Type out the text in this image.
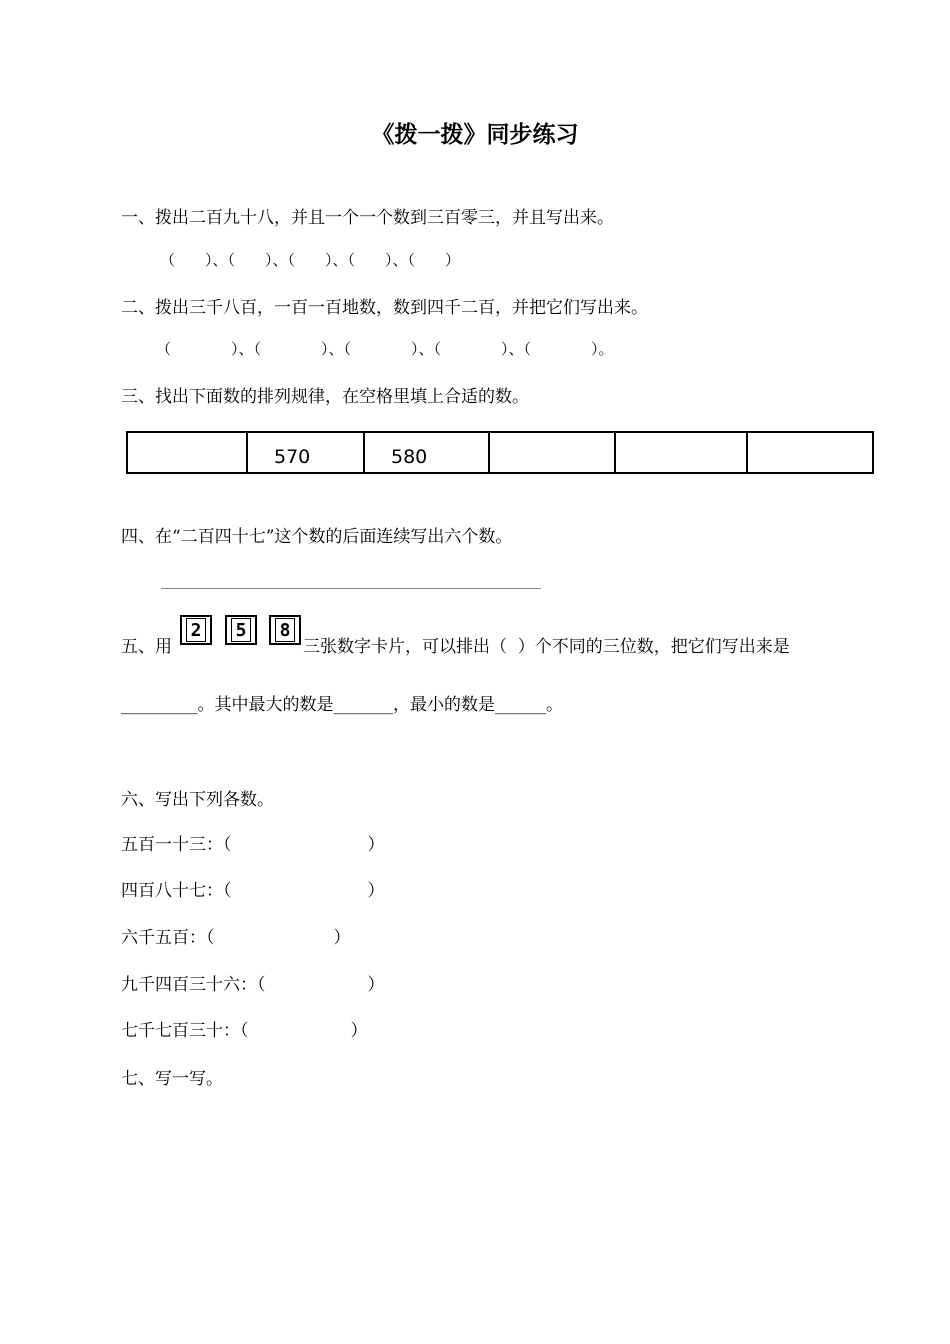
《拨一拨》同步练习
一、拨出二百九十八，并且一个一个数到三百零三，并且写出来。
（　　）、（　　）、（　　）、（　　）、（　　）
二、拨出三千八百，一百一百地数，数到四千二百，并把它们写出来。
（　　　　）、（　　　　）、（　　　　）、（　　　　）、（　　　　）。
三、找出下面数的排列规律，在空格里填上合适的数。
	570	580			
四、在“二百四十七”这个数的后面连续写出六个数。
五、用
2 5 8
三张数字卡片，可以排出（  ）个不同的三位数，把它们写出来是
_________。其中最大的数是_______，最小的数是______。
六、写出下列各数。
五百一十三：（　　　　　　　　）
四百八十七：（　　　　　　　　）
六千五百：（　　　　　　　）
九千四百三十六：（　　　　　　）
七千七百三十：（　　　　　　）
七、写一写。
